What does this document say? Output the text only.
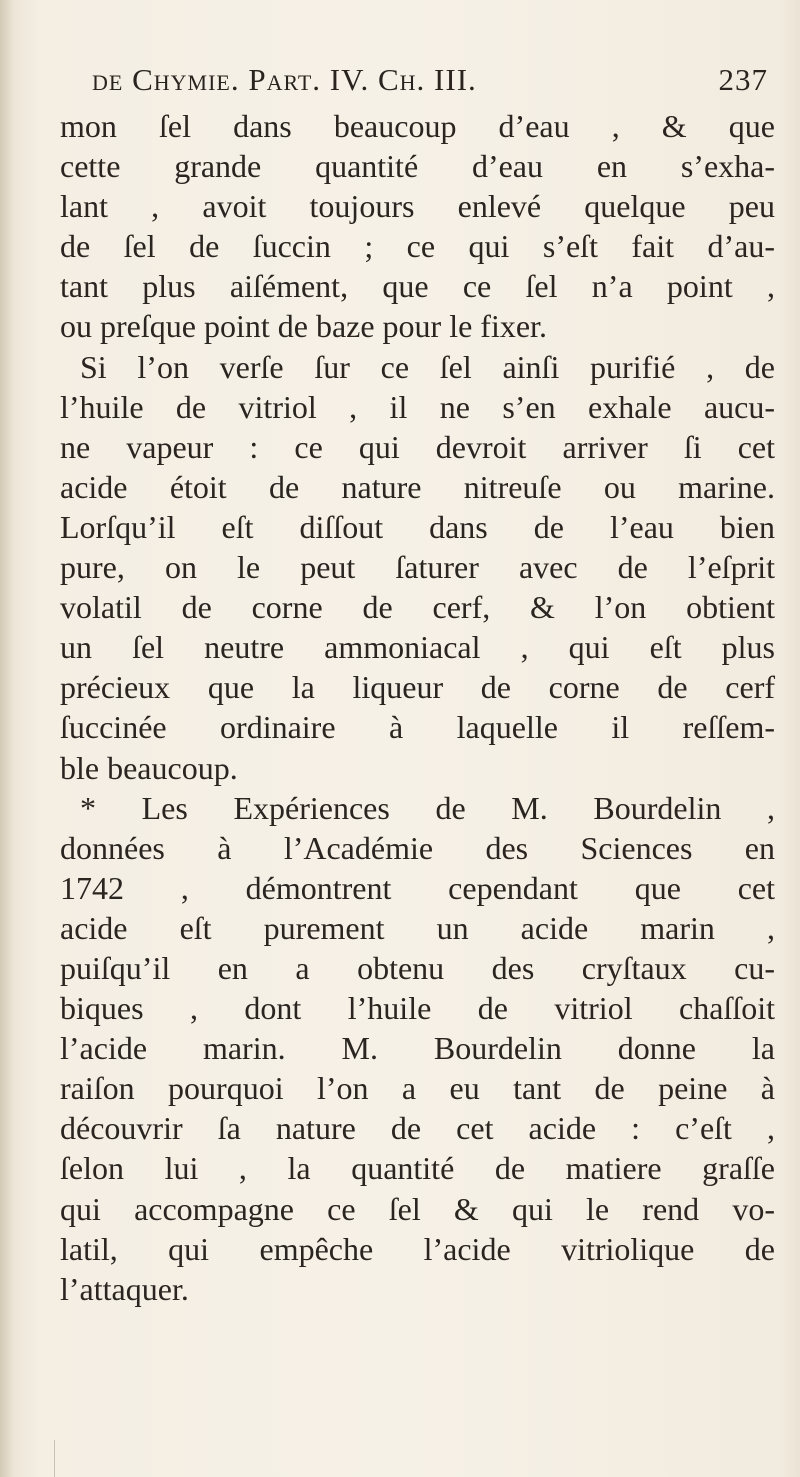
de Chymie. Part. IV. Ch. III.	237
mon ſel dans beaucoup d’eau , & que
cette grande quantité d’eau en s’exha-
lant , avoit toujours enlevé quelque peu
de ſel de ſuccin ; ce qui s’eſt fait d’au-
tant plus aiſément, que ce ſel n’a point ,
ou preſque point de baze pour le fixer.
Si l’on verſe ſur ce ſel ainſi purifié , de
l’huile de vitriol , il ne s’en exhale aucu-
ne vapeur : ce qui devroit arriver ſi cet
acide étoit de nature nitreuſe ou marine.
Lorſqu’il eſt diſſout dans de l’eau bien
pure, on le peut ſaturer avec de l’eſprit
volatil de corne de cerf, & l’on obtient
un ſel neutre ammoniacal , qui eſt plus
précieux que la liqueur de corne de cerf
ſuccinée ordinaire à laquelle il reſſem-
ble beaucoup.
* Les Expériences de M. Bourdelin ,
données à l’Académie des Sciences en
1742 , démontrent cependant que cet
acide eſt purement un acide marin ,
puiſqu’il en a obtenu des cryſtaux cu-
biques , dont l’huile de vitriol chaſſoit
l’acide marin. M. Bourdelin donne la
raiſon pourquoi l’on a eu tant de peine à
découvrir ſa nature de cet acide : c’eſt ,
ſelon lui , la quantité de matiere graſſe
qui accompagne ce ſel & qui le rend vo-
latil, qui empêche l’acide vitriolique de
l’attaquer.
